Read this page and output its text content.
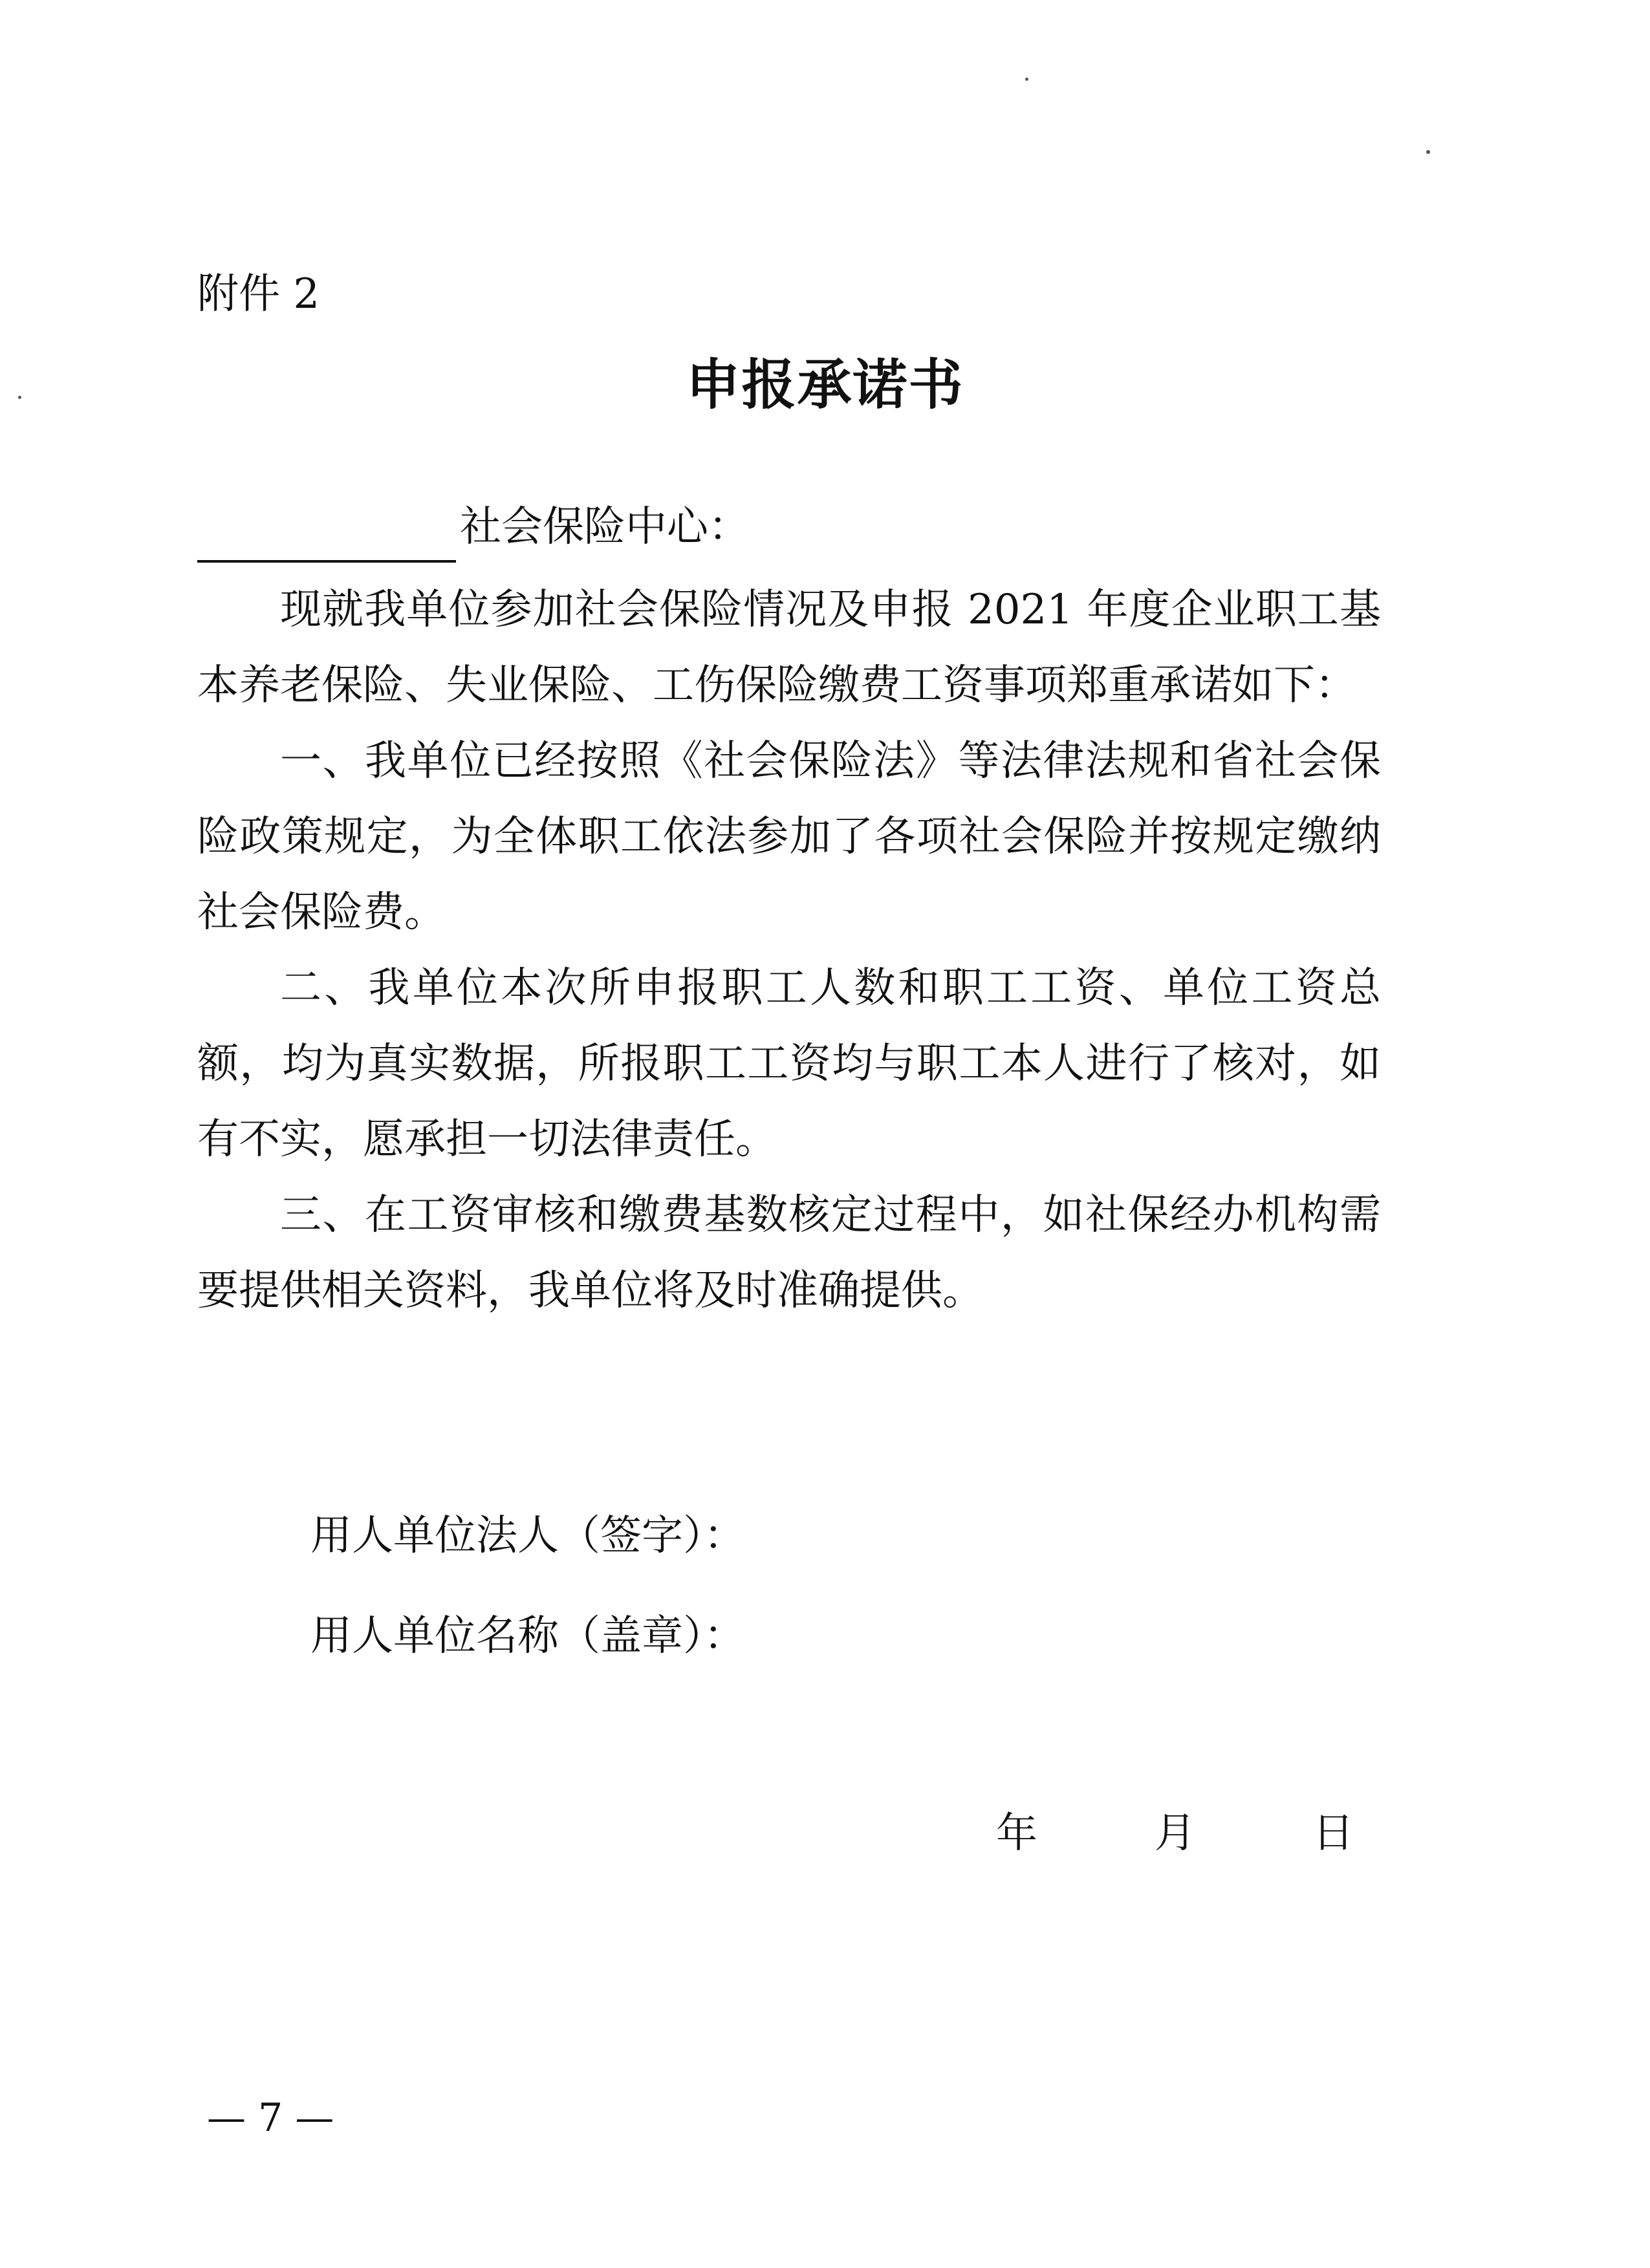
附件 2
申报承诺书
社会保险中心：

现就我单位参加社会保险情况及申报 2021 年度企业职工基本养老保险、失业保险、工伤保险缴费工资事项郑重承诺如下：

一、我单位已经按照《社会保险法》等法律法规和省社会保险政策规定，为全体职工依法参加了各项社会保险并按规定缴纳社会保险费。

二、我单位本次所申报职工人数和职工工资、单位工资总额，均为真实数据，所报职工工资均与职工本人进行了核对，如有不实，愿承担一切法律责任。

三、在工资审核和缴费基数核定过程中，如社保经办机构需要提供相关资料，我单位将及时准确提供。

用人单位法人（签字）：
用人单位名称（盖章）：
年	月	日
— 7 —
